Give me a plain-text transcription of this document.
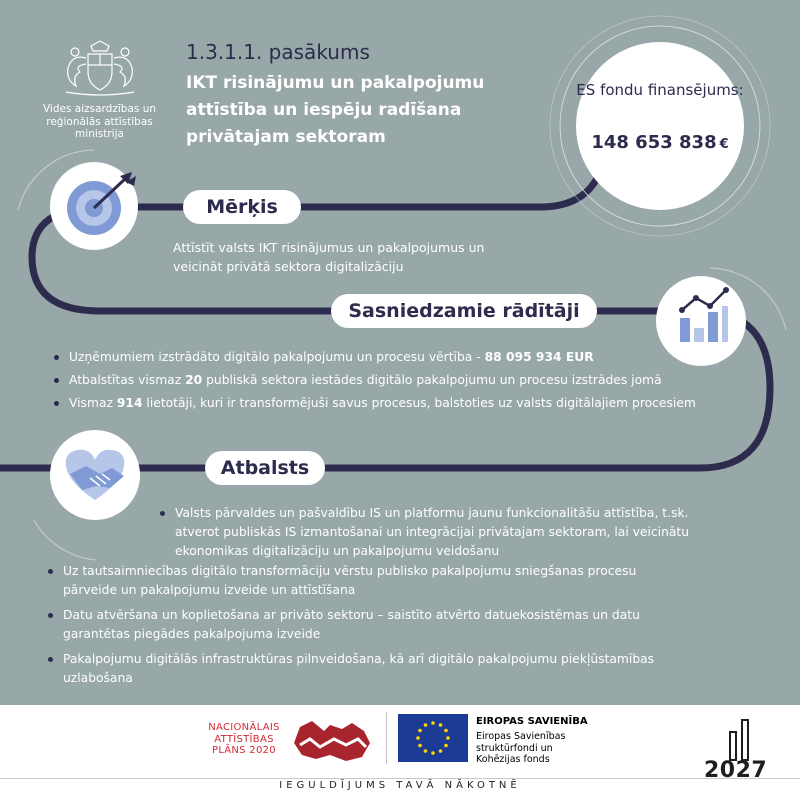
Vides aizsardzības un reģionālās attīstības ministrija
1.3.1.1. pasākums
IKT risinājumu un pakalpojumu attīstība un iespēju radīšana privātajam sektoram
ES fondu finansējums:
148 653 838 €
Mērķis
Attīstīt valsts IKT risinājumus un pakalpojumus un veicināt privātā sektora digitalizāciju
Sasniedzamie rādītāji
Uzņēmumiem izstrādāto digitālo pakalpojumu un procesu vērtība - 88 095 934 EUR
Atbalstītas vismaz 20 publiskā sektora iestādes digitālo pakalpojumu un procesu izstrādes jomā
Vismaz 914 lietotāji, kuri ir transformējuši savus procesus, balstoties uz valsts digitālajiem procesiem
Atbalsts
Valsts pārvaldes un pašvaldību IS un platformu jaunu funkcionalitāšu attīstība, t.sk. atverot publiskās IS izmantošanai un integrācijai privātajam sektoram, lai veicinātu ekonomikas digitalizāciju un pakalpojumu veidošanu
Uz tautsaimniecības digitālo transformāciju vērstu publisko pakalpojumu sniegšanas procesu pārveide un pakalpojumu izveide un attīstīšana
Datu atvēršana un koplietošana ar privāto sektoru – saistīto atvērto datuekosistēmas un datu garantētas piegādes pakalpojuma izveide
Pakalpojumu digitālās infrastruktūras pilnveidošana, kā arī digitālo pakalpojumu piekļūstamības uzlabošana
NACIONĀLAIS ATTĪSTĪBAS PLĀNS 2020
EIROPAS SAVIENĪBA
Eiropas Savienības struktūrfondi un Kohēzijas fonds
IEGULDĪJUMS TAVĀ NĀKOTNĒ
2027
